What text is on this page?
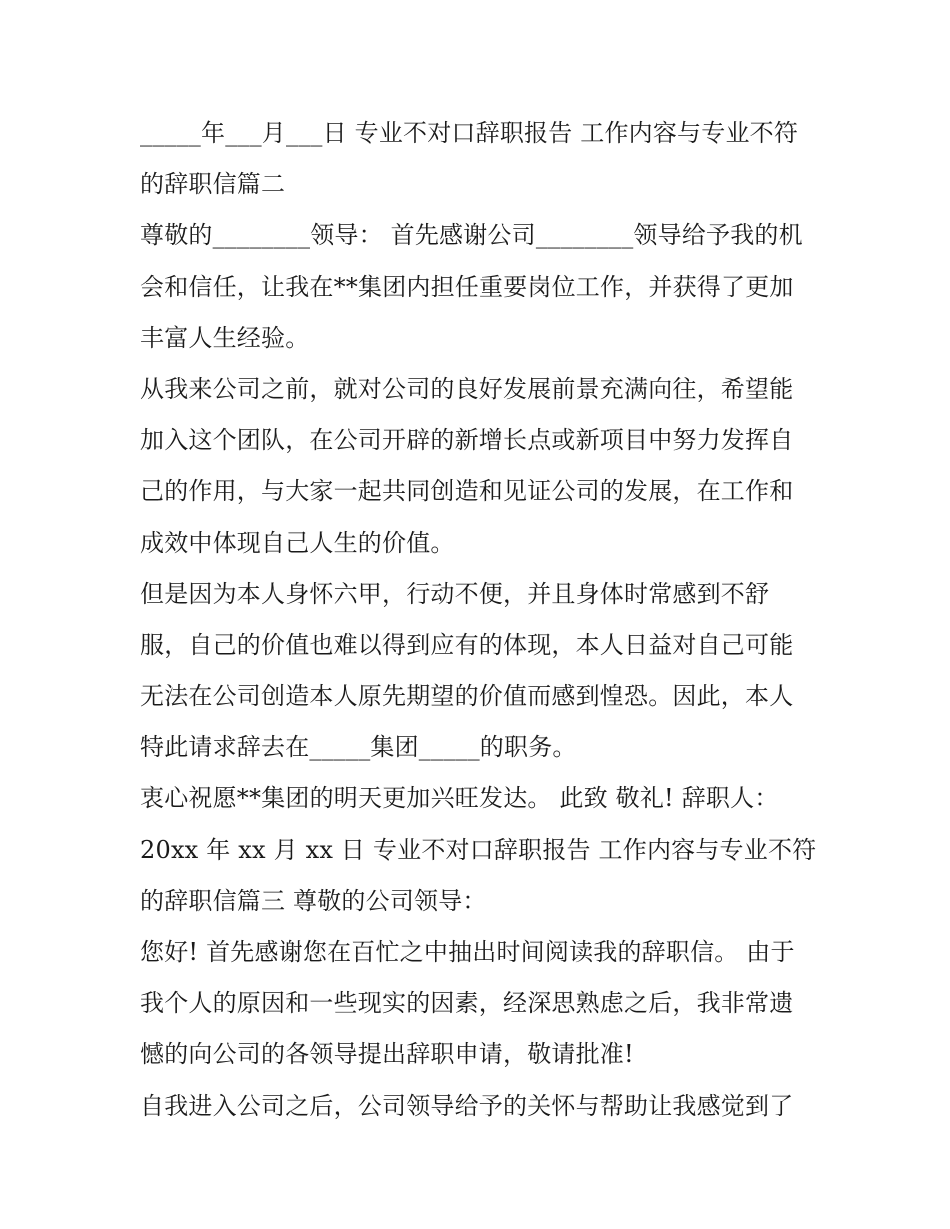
_____年___月___日 专业不对口辞职报告 工作内容与专业不符
的辞职信篇二
尊敬的________领导： 首先感谢公司________领导给予我的机
会和信任，让我在**集团内担任重要岗位工作，并获得了更加
丰富人生经验。
从我来公司之前，就对公司的良好发展前景充满向往，希望能
加入这个团队，在公司开辟的新增长点或新项目中努力发挥自
己的作用，与大家一起共同创造和见证公司的发展，在工作和
成效中体现自己人生的价值。
但是因为本人身怀六甲，行动不便，并且身体时常感到不舒
服，自己的价值也难以得到应有的体现，本人日益对自己可能
无法在公司创造本人原先期望的价值而感到惶恐。因此，本人
特此请求辞去在_____集团_____的职务。
衷心祝愿**集团的明天更加兴旺发达。 此致 敬礼! 辞职人：
20xx 年 xx 月 xx 日 专业不对口辞职报告 工作内容与专业不符
的辞职信篇三 尊敬的公司领导：
您好! 首先感谢您在百忙之中抽出时间阅读我的辞职信。 由于
我个人的原因和一些现实的因素，经深思熟虑之后，我非常遗
憾的向公司的各领导提出辞职申请，敬请批准!
自我进入公司之后，公司领导给予的关怀与帮助让我感觉到了
